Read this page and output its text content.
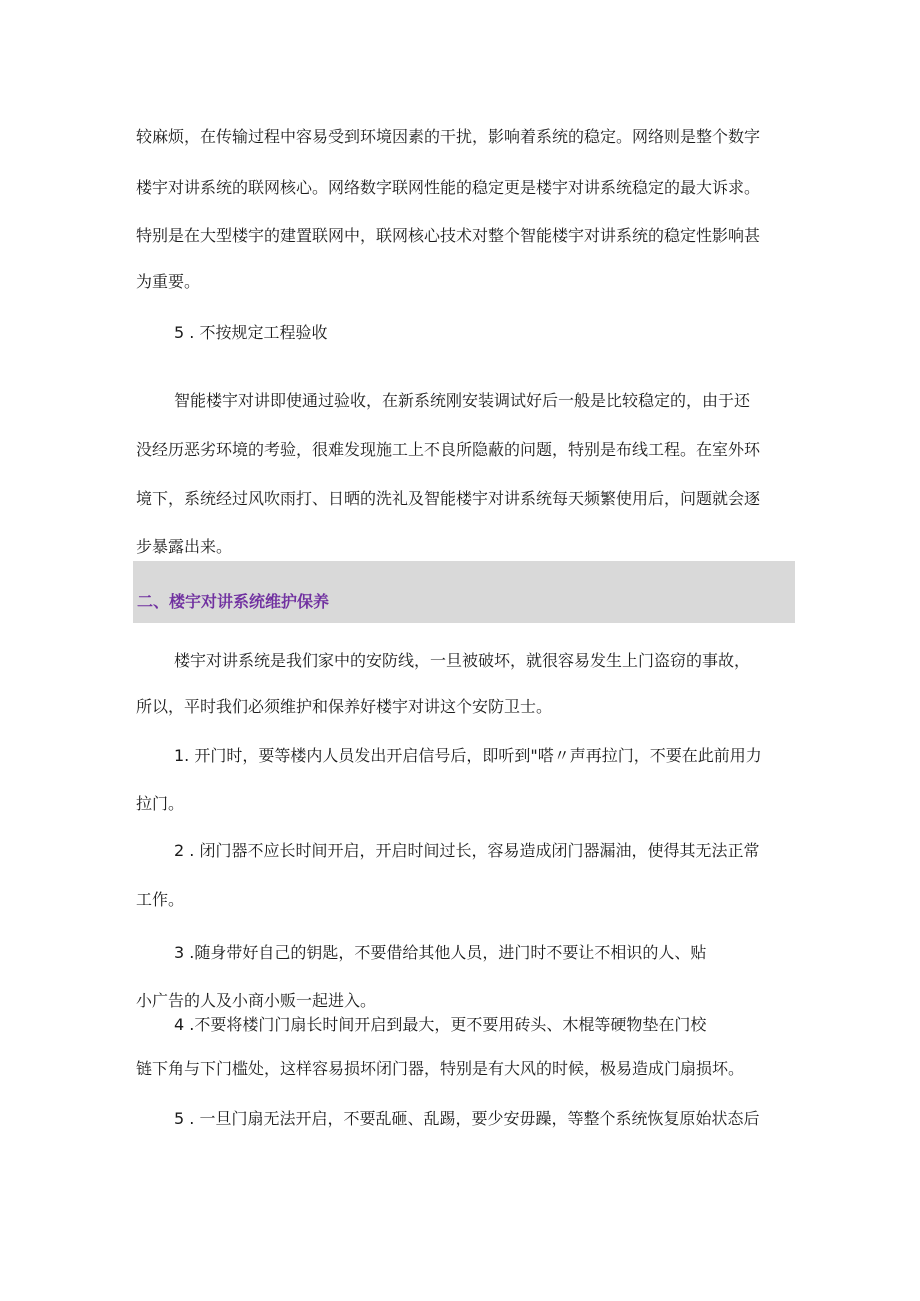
较麻烦，在传输过程中容易受到环境因素的干扰，影响着系统的稳定。网络则是整个数字
楼宇对讲系统的联网核心。网络数字联网性能的稳定更是楼宇对讲系统稳定的最大诉求。
特别是在大型楼宇的建置联网中，联网核心技术对整个智能楼宇对讲系统的稳定性影响甚
为重要。
5 . 不按规定工程验收
智能楼宇对讲即使通过验收，在新系统刚安装调试好后一般是比较稳定的，由于还
没经历恶劣环境的考验，很难发现施工上不良所隐蔽的问题，特别是布线工程。在室外环
境下，系统经过风吹雨打、日晒的洗礼及智能楼宇对讲系统每天频繁使用后，问题就会逐
步暴露出来。
二、楼宇对讲系统维护保养
楼宇对讲系统是我们家中的安防线，一旦被破坏，就很容易发生上门盗窃的事故，
所以，平时我们必须维护和保养好楼宇对讲这个安防卫士。
1. 开门时，要等楼内人员发出开启信号后，即听到"嗒〃声再拉门，不要在此前用力
拉门。
2 . 闭门器不应长时间开启，开启时间过长，容易造成闭门器漏油，使得其无法正常
工作。
3 .随身带好自己的钥匙，不要借给其他人员，进门时不要让不相识的人、贴
小广告的人及小商小贩一起进入。
4 .不要将楼门门扇长时间开启到最大，更不要用砖头、木棍等硬物垫在门校
链下角与下门槛处，这样容易损坏闭门器，特别是有大风的时候，极易造成门扇损坏。
5 . 一旦门扇无法开启，不要乱砸、乱踢，要少安毋躁，等整个系统恢复原始状态后
